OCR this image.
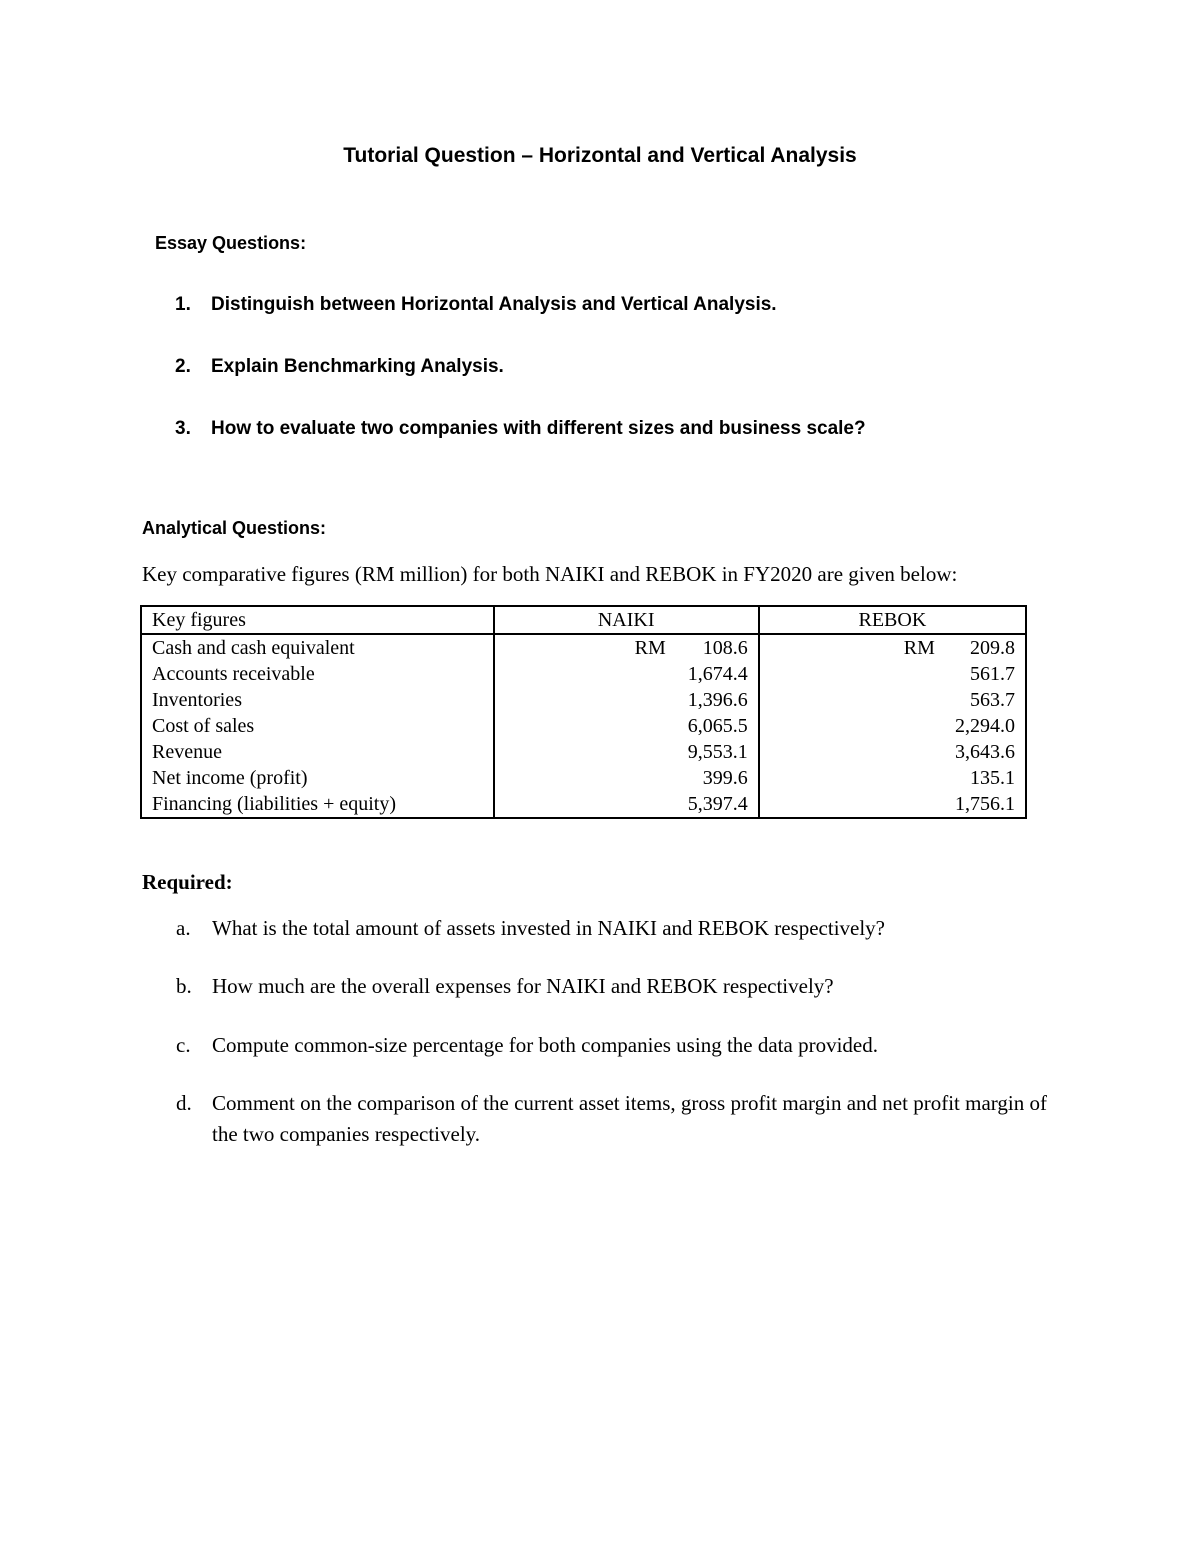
Tutorial Question – Horizontal and Vertical Analysis
Essay Questions:
1. Distinguish between Horizontal Analysis and Vertical Analysis.
2. Explain Benchmarking Analysis.
3. How to evaluate two companies with different sizes and business scale?
Analytical Questions:
Key comparative figures (RM million) for both NAIKI and REBOK in FY2020 are given below:
Key figures	NAIKI	REBOK
Cash and cash equivalent	RM 108.6	RM 209.8
Accounts receivable	1,674.4	561.7
Inventories	1,396.6	563.7
Cost of sales	6,065.5	2,294.0
Revenue	9,553.1	3,643.6
Net income (profit)	399.6	135.1
Financing (liabilities + equity)	5,397.4	1,756.1
Required:
a.	What is the total amount of assets invested in NAIKI and REBOK respectively?
b. How much are the overall expenses for NAIKI and REBOK respectively?
c.	Compute common-size percentage for both companies using the data provided.
d. Comment on the comparison of the current asset items, gross profit margin and net profit margin of the two companies respectively.
